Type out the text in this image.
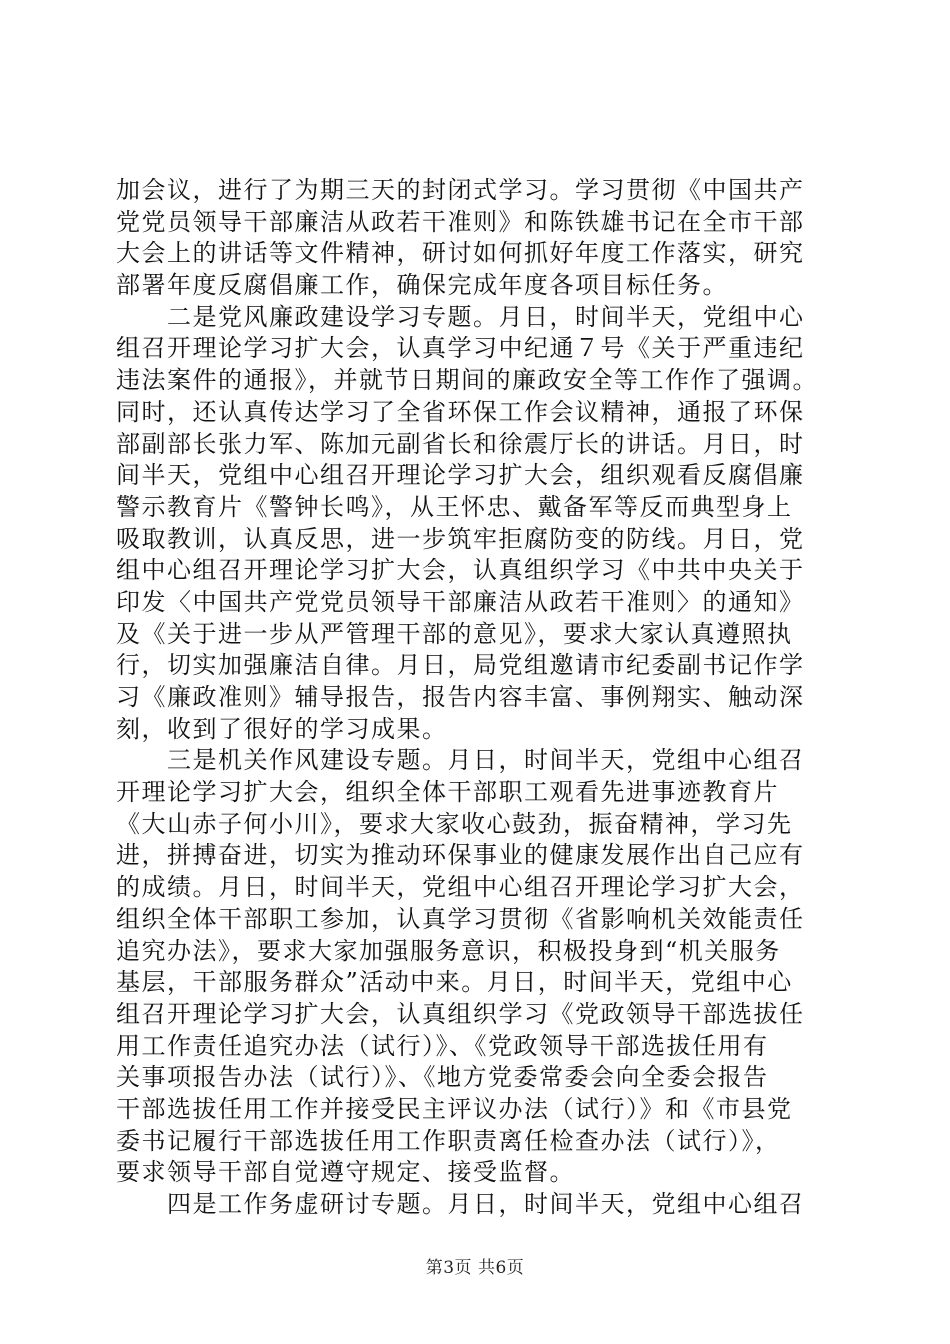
加会议，进行了为期三天的封闭式学习。学习贯彻《中国共产
党党员领导干部廉洁从政若干准则》和陈铁雄书记在全市干部
大会上的讲话等文件精神，研讨如何抓好年度工作落实，研究
部署年度反腐倡廉工作，确保完成年度各项目标任务。
二是党风廉政建设学习专题。月日，时间半天，党组中心
组召开理论学习扩大会，认真学习中纪通７号《关于严重违纪
违法案件的通报》，并就节日期间的廉政安全等工作作了强调。
同时，还认真传达学习了全省环保工作会议精神，通报了环保
部副部长张力军、陈加元副省长和徐震厅长的讲话。月日，时
间半天，党组中心组召开理论学习扩大会，组织观看反腐倡廉
警示教育片《警钟长鸣》，从王怀忠、戴备军等反而典型身上
吸取教训，认真反思，进一步筑牢拒腐防变的防线。月日，党
组中心组召开理论学习扩大会，认真组织学习《中共中央关于
印发〈中国共产党党员领导干部廉洁从政若干准则〉的通知》
及《关于进一步从严管理干部的意见》，要求大家认真遵照执
行，切实加强廉洁自律。月日，局党组邀请市纪委副书记作学
习《廉政准则》辅导报告，报告内容丰富、事例翔实、触动深
刻，收到了很好的学习成果。
三是机关作风建设专题。月日，时间半天，党组中心组召
开理论学习扩大会，组织全体干部职工观看先进事迹教育片
《大山赤子何小川》，要求大家收心鼓劲，振奋精神，学习先
进，拼搏奋进，切实为推动环保事业的健康发展作出自己应有
的成绩。月日，时间半天，党组中心组召开理论学习扩大会，
组织全体干部职工参加，认真学习贯彻《省影响机关效能责任
追究办法》，要求大家加强服务意识，积极投身到“机关服务
基层，干部服务群众”活动中来。月日，时间半天，党组中心
组召开理论学习扩大会，认真组织学习《党政领导干部选拔任
用工作责任追究办法（试行）》、《党政领导干部选拔任用有
关事项报告办法（试行）》、《地方党委常委会向全委会报告
干部选拔任用工作并接受民主评议办法（试行）》和《市县党
委书记履行干部选拔任用工作职责离任检查办法（试行）》，
要求领导干部自觉遵守规定、接受监督。
四是工作务虚研讨专题。月日，时间半天，党组中心组召
第3页 共6页
